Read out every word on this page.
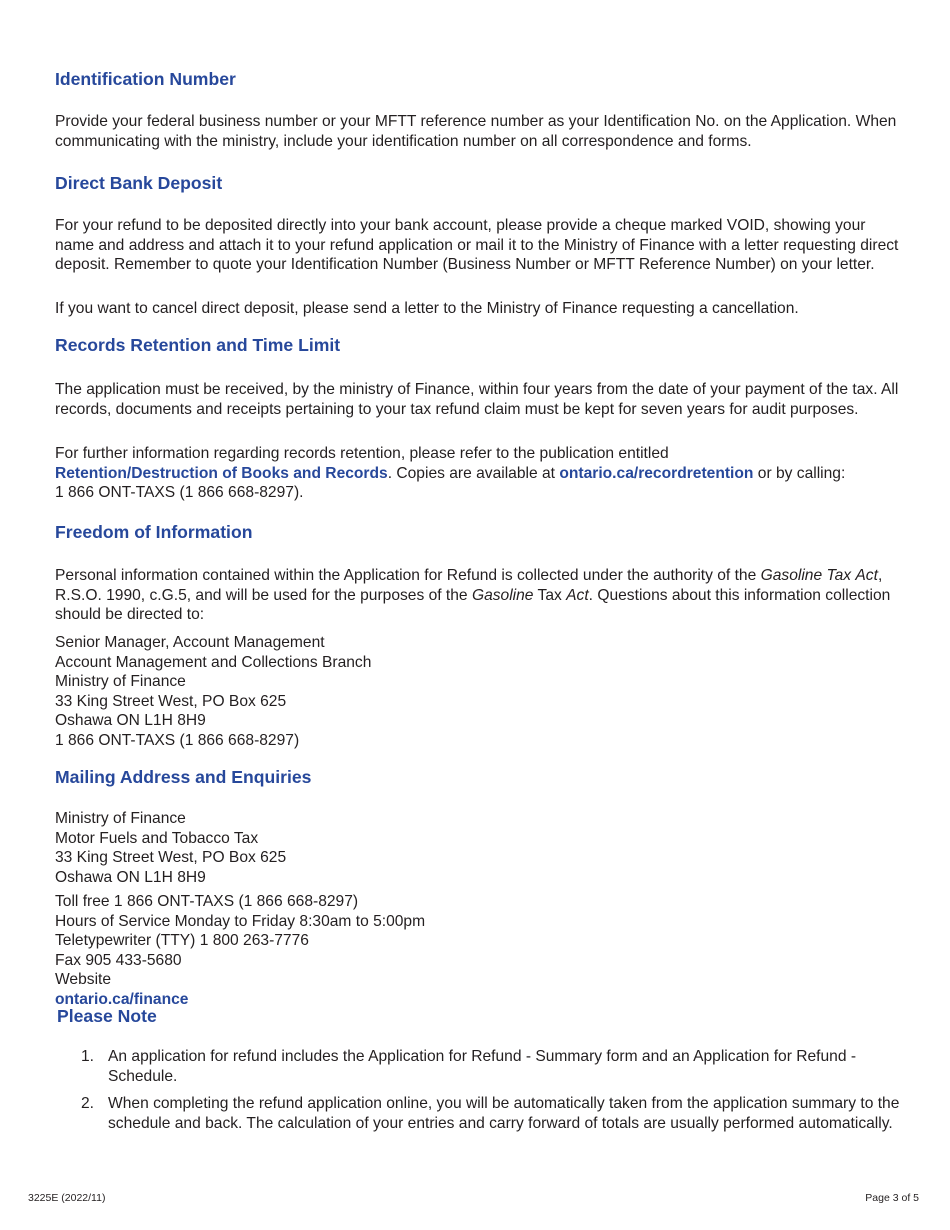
Identification Number

Provide your federal business number or your MFTT reference number as your Identification No. on the Application. When communicating with the ministry, include your identification number on all correspondence and forms.

Direct Bank Deposit

For your refund to be deposited directly into your bank account, please provide a cheque marked VOID, showing your name and address and attach it to your refund application or mail it to the Ministry of Finance with a letter requesting direct deposit. Remember to quote your Identification Number (Business Number or MFTT Reference Number) on your letter.

If you want to cancel direct deposit, please send a letter to the Ministry of Finance requesting a cancellation.

Records Retention and Time Limit

The application must be received, by the ministry of Finance, within four years from the date of your payment of the tax. All records, documents and receipts pertaining to your tax refund claim must be kept for seven years for audit purposes.

For further information regarding records retention, please refer to the publication entitled
Retention/Destruction of Books and Records. Copies are available at ontario.ca/recordretention or by calling:
1 866 ONT-TAXS (1 866 668-8297).

Freedom of Information

Personal information contained within the Application for Refund is collected under the authority of the Gasoline Tax Act, R.S.O. 1990, c.G.5, and will be used for the purposes of the Gasoline Tax Act. Questions about this information collection should be directed to:

Senior Manager, Account Management
Account Management and Collections Branch
Ministry of Finance
33 King Street West, PO Box 625
Oshawa ON L1H 8H9
1 866 ONT-TAXS (1 866 668-8297)
Mailing Address and Enquiries
Ministry of Finance
Motor Fuels and Tobacco Tax
33 King Street West, PO Box 625
Oshawa ON L1H 8H9
Toll free 1 866 ONT-TAXS (1 866 668-8297)
Hours of Service Monday to Friday 8:30am to 5:00pm
Teletypewriter (TTY) 1 800 263-7776
Fax 905 433-5680
Website
ontario.ca/finance
Please Note
1. An application for refund includes the Application for Refund - Summary form and an Application for Refund - Schedule.
2. When completing the refund application online, you will be automatically taken from the application summary to the schedule and back. The calculation of your entries and carry forward of totals are usually performed automatically.
3225E (2022/11)	Page 3 of 5
